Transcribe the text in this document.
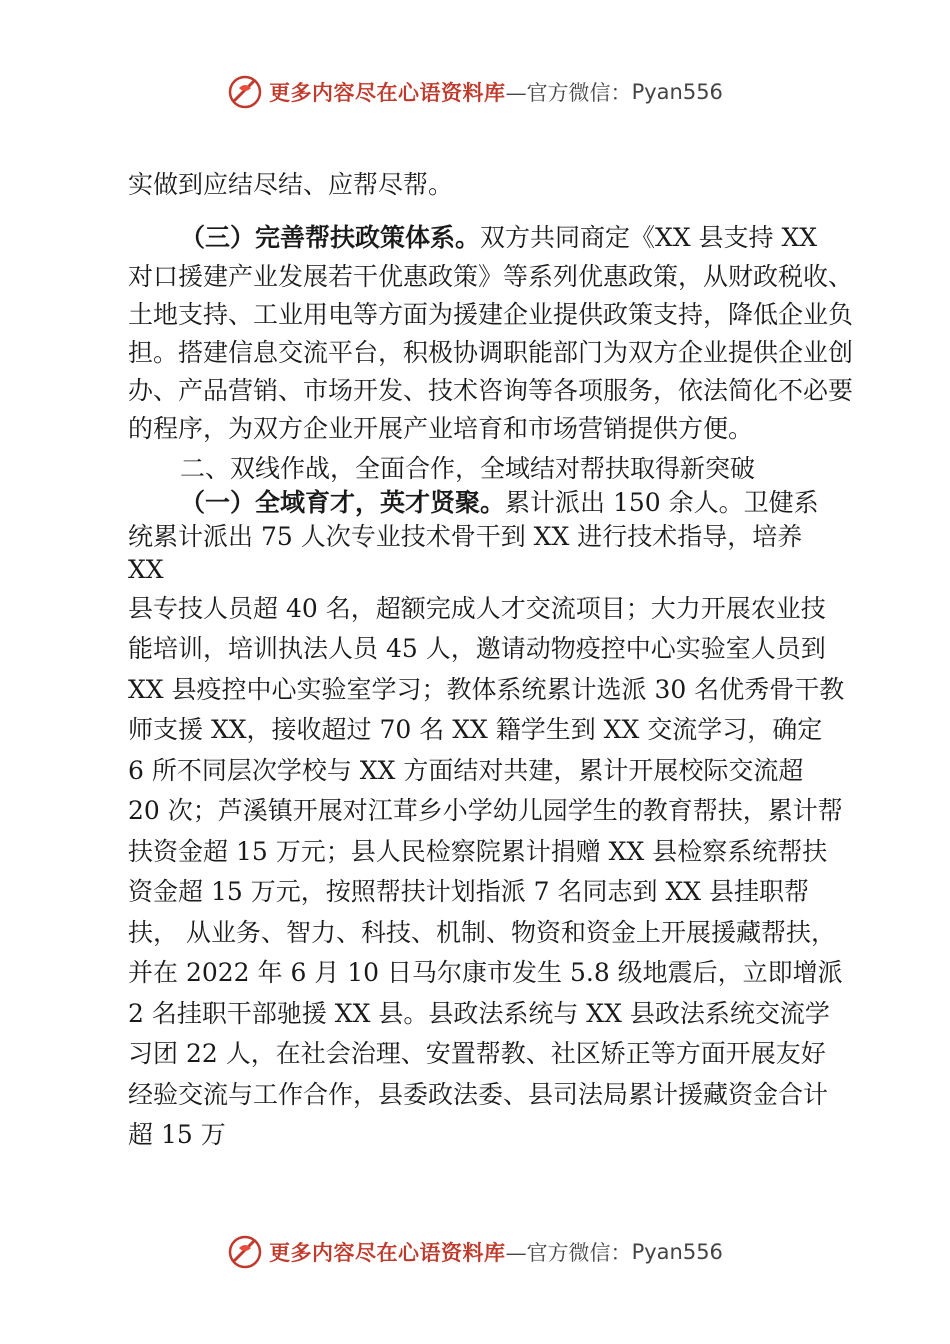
更多内容尽在心语资料库 —官方微信： Pyan556
实做到应结尽结、应帮尽帮。
（三）完善帮扶政策体系。双方共同商定《XX 县支持 XX
对口援建产业发展若干优惠政策》等系列优惠政策，从财政税收、
土地支持、工业用电等方面为援建企业提供政策支持，降低企业负
担。搭建信息交流平台，积极协调职能部门为双方企业提供企业创
办、产品营销、市场开发、技术咨询等各项服务，依法简化不必要
的程序，为双方企业开展产业培育和市场营销提供方便。
二、双线作战，全面合作，全域结对帮扶取得新突破
（一）全域育才，英才贤聚。累计派出 150 余人。卫健系
统累计派出 75 人次专业技术骨干到 XX 进行技术指导，培养
XX
县专技人员超 40 名，超额完成人才交流项目；大力开展农业技
能培训，培训执法人员 45 人，邀请动物疫控中心实验室人员到
XX 县疫控中心实验室学习；教体系统累计选派 30 名优秀骨干教
师支援 XX，接收超过 70 名 XX 籍学生到 XX 交流学习，确定
6 所不同层次学校与 XX 方面结对共建，累计开展校际交流超
20 次；芦溪镇开展对江茸乡小学幼儿园学生的教育帮扶，累计帮
扶资金超 15 万元；县人民检察院累计捐赠 XX 县检察系统帮扶
资金超 15 万元，按照帮扶计划指派 7 名同志到 XX 县挂职帮
扶， 从业务、智力、科技、机制、物资和资金上开展援藏帮扶，
并在 2022 年 6 月 10 日马尔康市发生 5.8 级地震后，立即增派
2 名挂职干部驰援 XX 县。县政法系统与 XX 县政法系统交流学
习团 22 人，在社会治理、安置帮教、社区矫正等方面开展友好
经验交流与工作合作，县委政法委、县司法局累计援藏资金合计
超 15 万
更多内容尽在心语资料库 —官方微信： Pyan556
